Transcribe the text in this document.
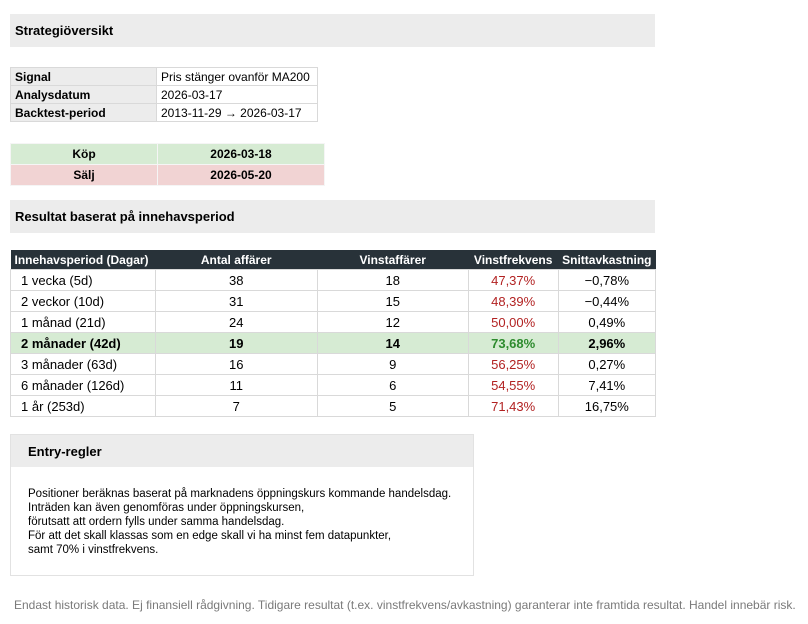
Strategiöversikt
Signal	Pris stänger ovanför MA200
Analysdatum	2026-03-17
Backtest-period	2013-11-29 → 2026-03-17
Köp	2026-03-18
Sälj	2026-05-20
Resultat baserat på innehavsperiod
Innehavsperiod (Dagar)	Antal affärer	Vinstaffärer	Vinstfrekvens	Snittavkastning
1 vecka (5d)	38	18	47,37%	−0,78%
2 veckor (10d)	31	15	48,39%	−0,44%
1 månad (21d)	24	12	50,00%	0,49%
2 månader (42d)	19	14	73,68%	2,96%
3 månader (63d)	16	9	56,25%	0,27%
6 månader (126d)	11	6	54,55%	7,41%
1 år (253d)	7	5	71,43%	16,75%
Entry-regler
Positioner beräknas baserat på marknadens öppningskurs kommande handelsdag.
Inträden kan även genomföras under öppningskursen,
förutsatt att ordern fylls under samma handelsdag.
För att det skall klassas som en edge skall vi ha minst fem datapunkter,
samt 70% i vinstfrekvens.
Endast historisk data. Ej finansiell rådgivning. Tidigare resultat (t.ex. vinstfrekvens/avkastning) garanterar inte framtida resultat. Handel innebär risk.
